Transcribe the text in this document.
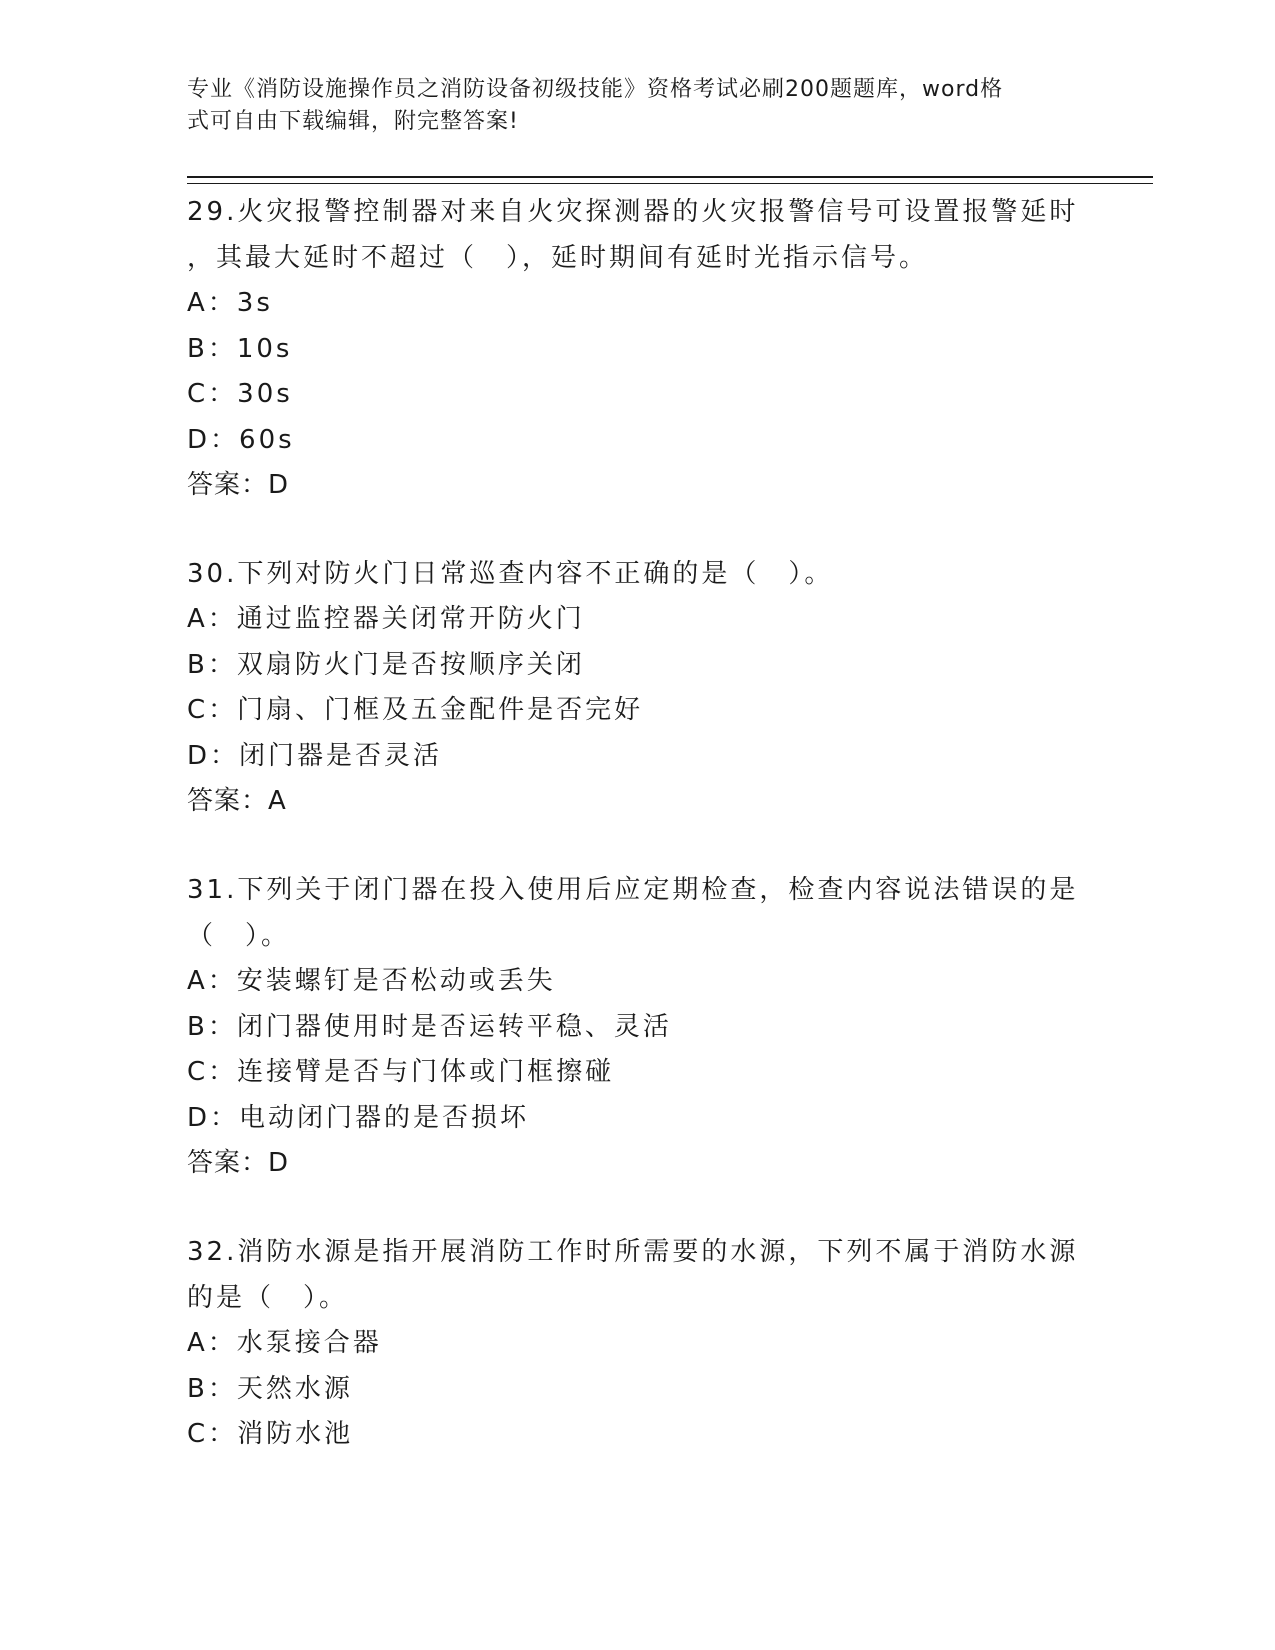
专业《消防设施操作员之消防设备初级技能》资格考试必刷200题题库，word格
式可自由下载编辑，附完整答案!
29.火灾报警控制器对来自火灾探测器的火灾报警信号可设置报警延时
，其最大延时不超过（　），延时期间有延时光指示信号。
A：3s
B：10s
C：30s
D：60s
答案：D
30.下列对防火门日常巡查内容不正确的是（　）。
A：通过监控器关闭常开防火门
B：双扇防火门是否按顺序关闭
C：门扇、门框及五金配件是否完好
D：闭门器是否灵活
答案：A
31.下列关于闭门器在投入使用后应定期检查，检查内容说法错误的是
（　）。
A：安装螺钉是否松动或丢失
B：闭门器使用时是否运转平稳、灵活
C：连接臂是否与门体或门框擦碰
D：电动闭门器的是否损坏
答案：D
32.消防水源是指开展消防工作时所需要的水源，下列不属于消防水源
的是（　）。
A：水泵接合器
B：天然水源
C：消防水池
